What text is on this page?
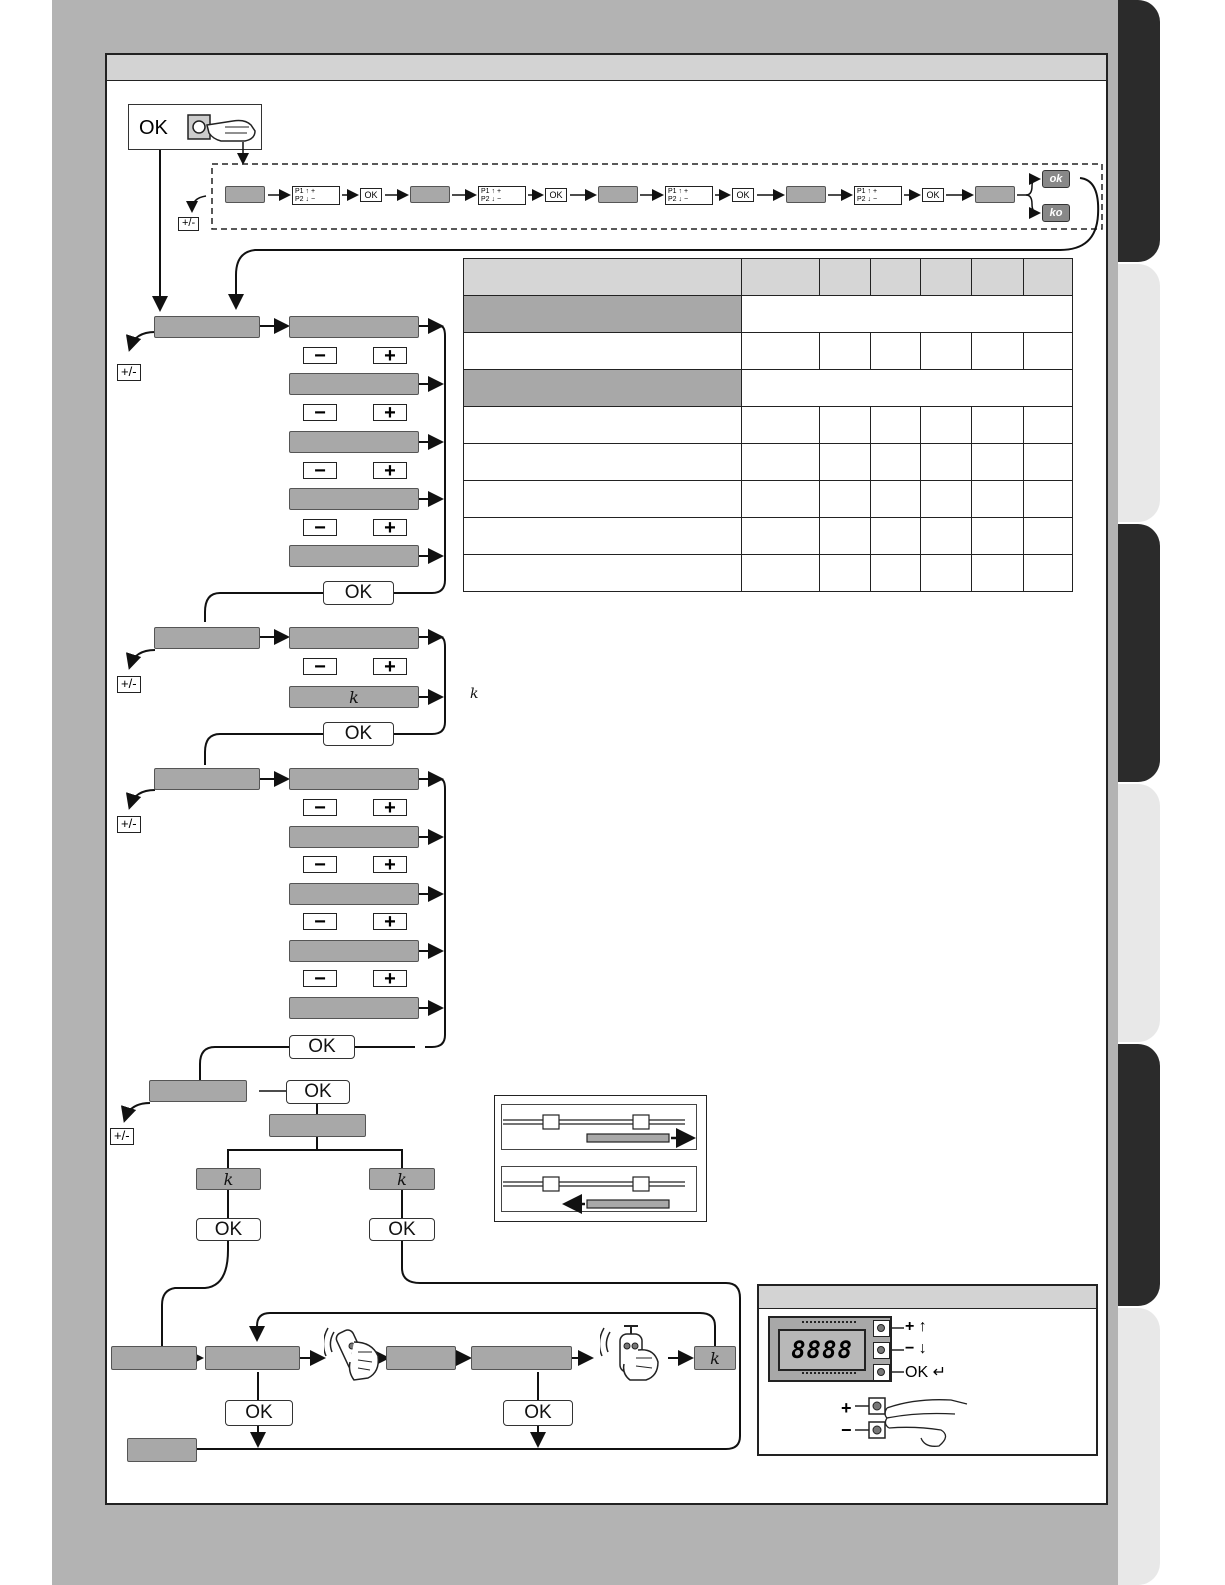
OK
+/-
P1 ↑ +
P2 ↓ −	OK	P1 ↑ +
P2 ↓ −	OK	P1 ↑ +
P2 ↓ −	OK	P1 ↑ +
P2 ↓ −	OK
ok
ko

+/-
−	+
−	+
−	+
−	+
OK
+/-
k
−	+
OK
k
+/-
−	+
−	+
−	+
−	+
OK
+/-
OK
k	k
OK	OK
k
OK	OK
8888
+ ↑
− ↓
OK ↵
+
−
